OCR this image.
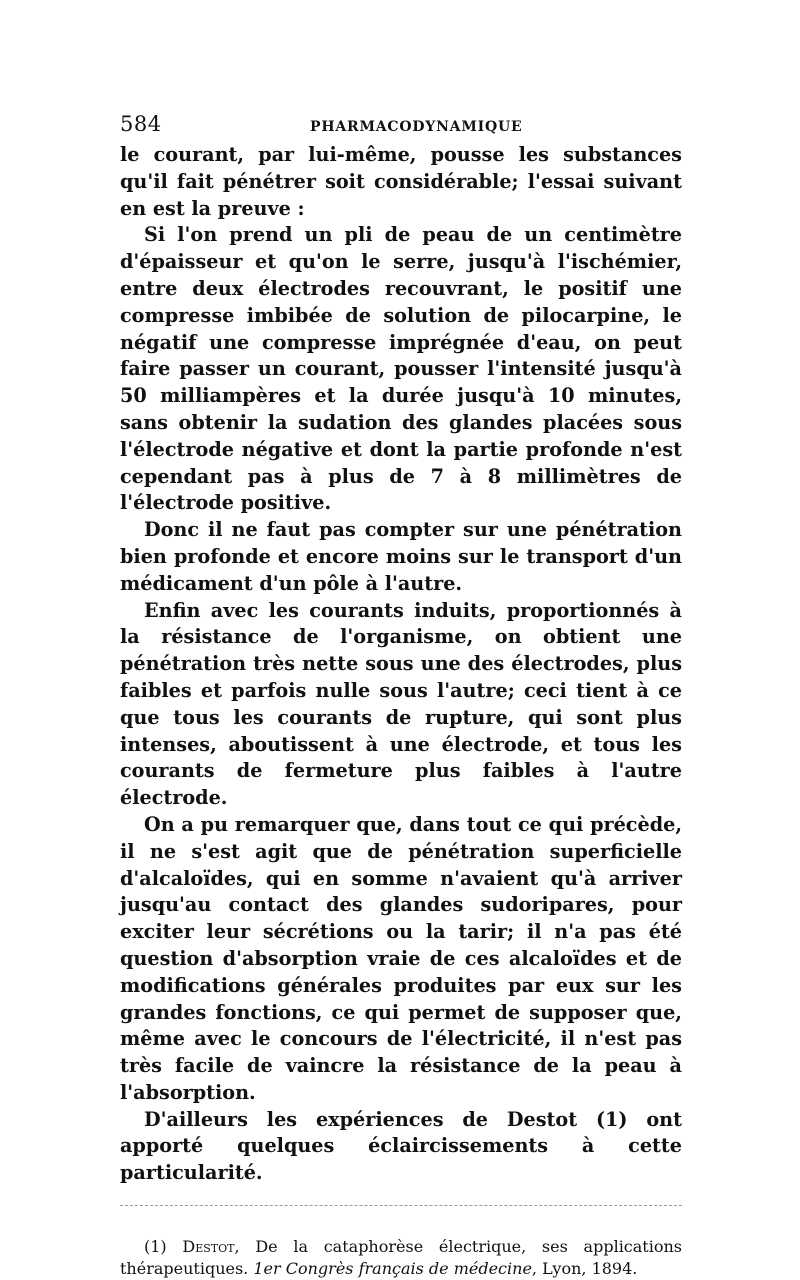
584	PHARMACODYNAMIQUE

le courant, par lui-même, pousse les substances qu'il fait pénétrer soit considérable; l'essai suivant en est la preuve :

Si l'on prend un pli de peau de un centimètre d'épaisseur et qu'on le serre, jusqu'à l'ischémier, entre deux électrodes recouvrant, le positif une compresse imbibée de solution de pilocarpine, le négatif une compresse imprégnée d'eau, on peut faire passer un courant, pousser l'intensité jusqu'à 50 milliampères et la durée jusqu'à 10 minutes, sans obtenir la sudation des glandes placées sous l'électrode négative et dont la partie profonde n'est cependant pas à plus de 7 à 8 millimètres de l'électrode positive.

Donc il ne faut pas compter sur une pénétration bien profonde et encore moins sur le transport d'un médicament d'un pôle à l'autre.

Enfin avec les courants induits, proportionnés à la résistance de l'organisme, on obtient une pénétration très nette sous une des électrodes, plus faibles et parfois nulle sous l'autre; ceci tient à ce que tous les courants de rupture, qui sont plus intenses, aboutissent à une électrode, et tous les courants de fermeture plus faibles à l'autre électrode.

On a pu remarquer que, dans tout ce qui précède, il ne s'est agit que de pénétration superficielle d'alcaloïdes, qui en somme n'avaient qu'à arriver jusqu'au contact des glandes sudoripares, pour exciter leur sécrétions ou la tarir; il n'a pas été question d'absorption vraie de ces alcaloïdes et de modifications générales produites par eux sur les grandes fonctions, ce qui permet de supposer que, même avec le concours de l'électricité, il n'est pas très facile de vaincre la résistance de la peau à l'absorption.

D'ailleurs les expériences de Destot (1) ont apporté quelques éclaircissements à cette particularité.

(1) Destot, De la cataphorèse électrique, ses applications thérapeutiques. 1er Congrès français de médecine, Lyon, 1894.
